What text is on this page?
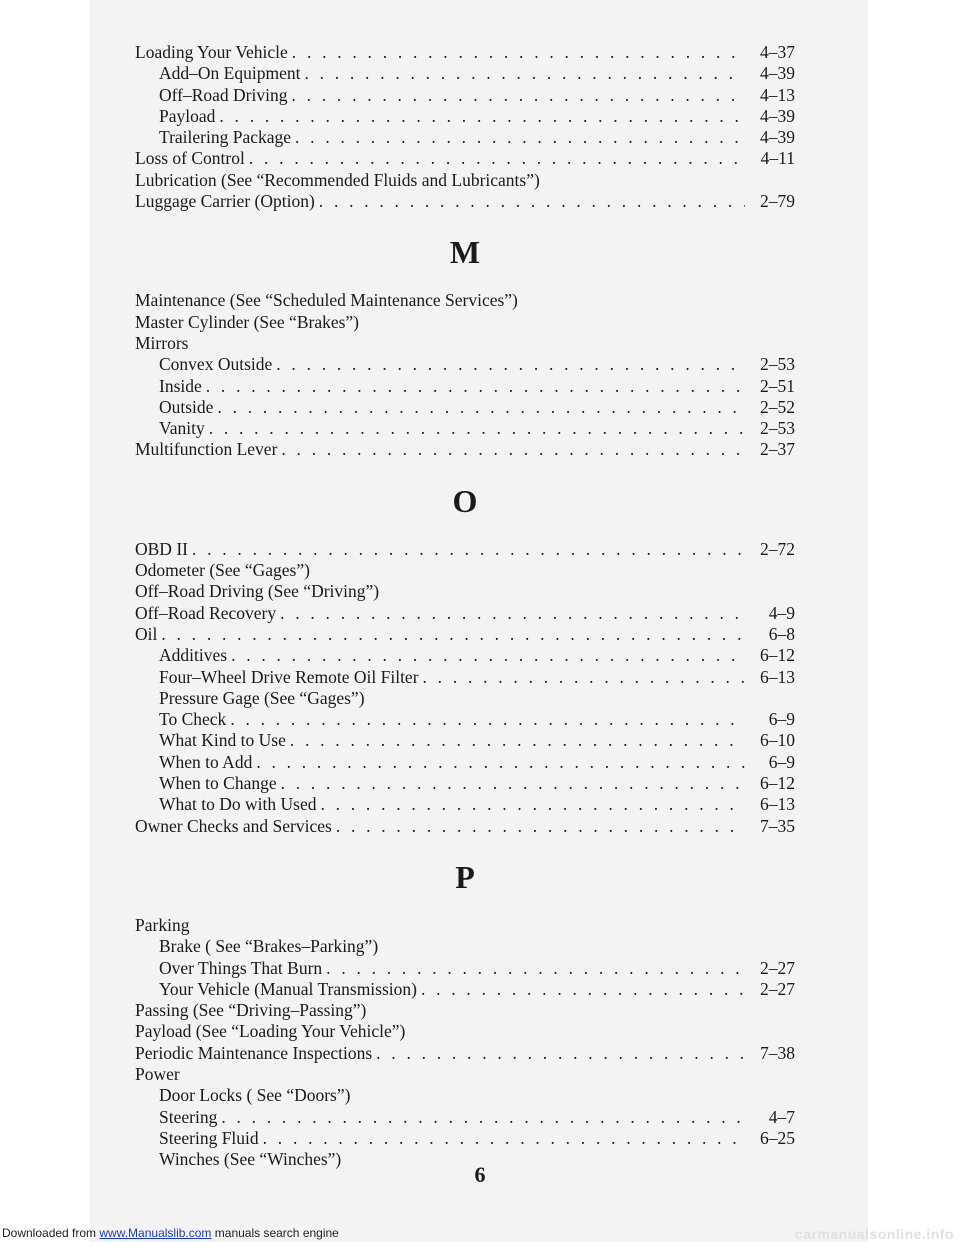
Loading Your Vehicle . . .	4–37
Add–On Equipment . . .	4–39
Off–Road Driving . . .	4–13
Payload . . .	4–39
Trailering Package . . .	4–39
Loss of Control . . .	4–11
Lubrication (See “Recommended Fluids and Lubricants”)
Luggage Carrier (Option) . . .	2–79
M
Maintenance (See “Scheduled Maintenance Services”)
Master Cylinder (See “Brakes”)
Mirrors
Convex Outside . . .	2–53
Inside . . .	2–51
Outside . . .	2–52
Vanity . . .	2–53
Multifunction Lever . . .	2–37
O
OBD II . . .	2–72
Odometer (See “Gages”)
Off–Road Driving (See “Driving”)
Off–Road Recovery . . .	4–9
Oil . . .	6–8
Additives . . .	6–12
Four–Wheel Drive Remote Oil Filter . . .	6–13
Pressure Gage (See “Gages”)
To Check . . .	6–9
What Kind to Use . . .	6–10
When to Add . . .	6–9
When to Change . . .	6–12
What to Do with Used . . .	6–13
Owner Checks and Services . . .	7–35
P
Parking
Brake ( See “Brakes–Parking”)
Over Things That Burn . . .	2–27
Your Vehicle (Manual Transmission) . . .	2–27
Passing (See “Driving–Passing”)
Payload (See “Loading Your Vehicle”)
Periodic Maintenance Inspections . . .	7–38
Power
Door Locks ( See “Doors”)
Steering . . .	4–7
Steering Fluid . . .	6–25
Winches (See “Winches”)
6
Downloaded from www.Manualslib.com manuals search engine	carmanualsonline.info
